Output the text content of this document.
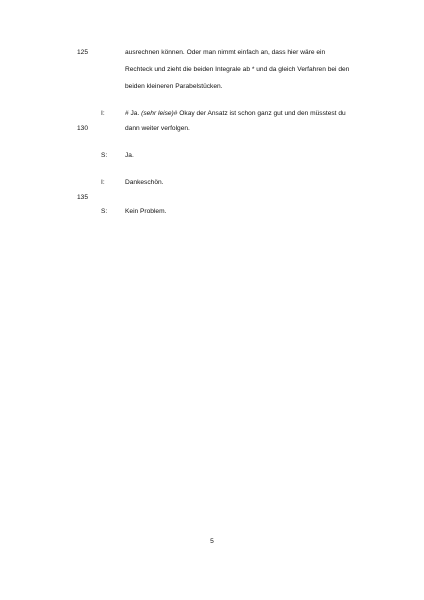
125	ausrechnen können. Oder man nimmt einfach an, dass hier wäre ein
Rechteck und zieht die beiden Integrale ab * und da gleich Verfahren bei den
beiden kleineren Parabelstücken.
I:	# Ja. (sehr leise)# Okay der Ansatz ist schon ganz gut und den müsstest du
130	dann weiter verfolgen.
S:	Ja.
I:	Dankeschön.
135
S:	Kein Problem.
5
